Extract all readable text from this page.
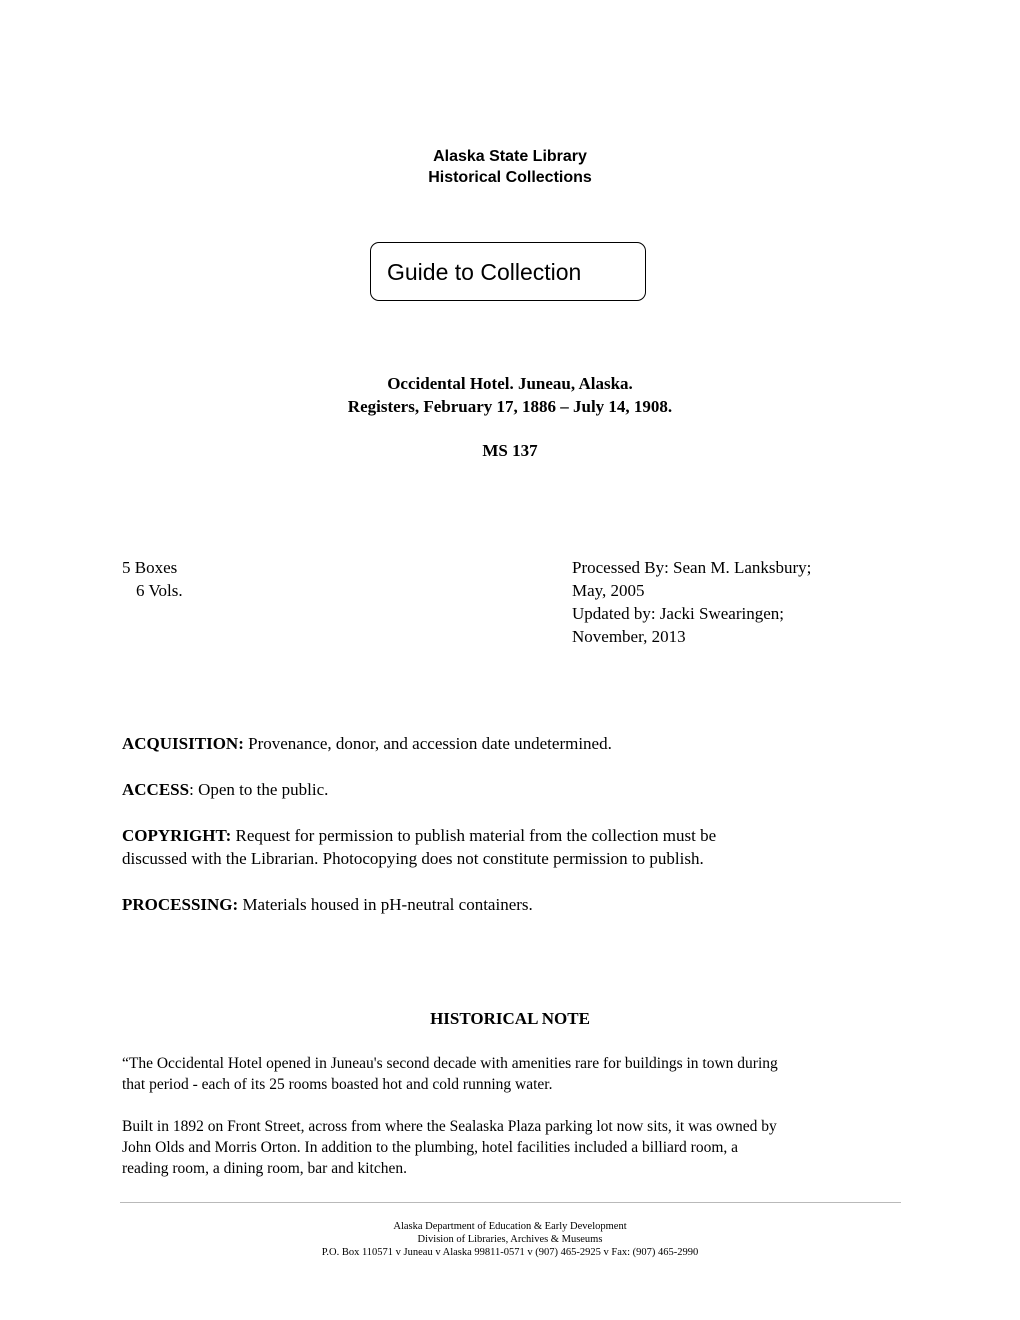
Alaska State Library
Historical Collections
Guide to Collection
Occidental Hotel. Juneau, Alaska.
Registers, February 17, 1886 – July 14, 1908.
MS 137
5 Boxes
6 Vols.
Processed By: Sean M. Lanksbury;
May, 2005
Updated by: Jacki Swearingen;
November, 2013
ACQUISITION: Provenance, donor, and accession date undetermined.
ACCESS: Open to the public.
COPYRIGHT: Request for permission to publish material from the collection must be
discussed with the Librarian. Photocopying does not constitute permission to publish.
PROCESSING: Materials housed in pH-neutral containers.
HISTORICAL NOTE
“The Occidental Hotel opened in Juneau's second decade with amenities rare for buildings in town during
that period - each of its 25 rooms boasted hot and cold running water.
Built in 1892 on Front Street, across from where the Sealaska Plaza parking lot now sits, it was owned by
John Olds and Morris Orton. In addition to the plumbing, hotel facilities included a billiard room, a
reading room, a dining room, bar and kitchen.
Alaska Department of Education & Early Development
Division of Libraries, Archives & Museums
P.O. Box 110571 v Juneau v Alaska 99811-0571 v (907) 465-2925 v Fax: (907) 465-2990
